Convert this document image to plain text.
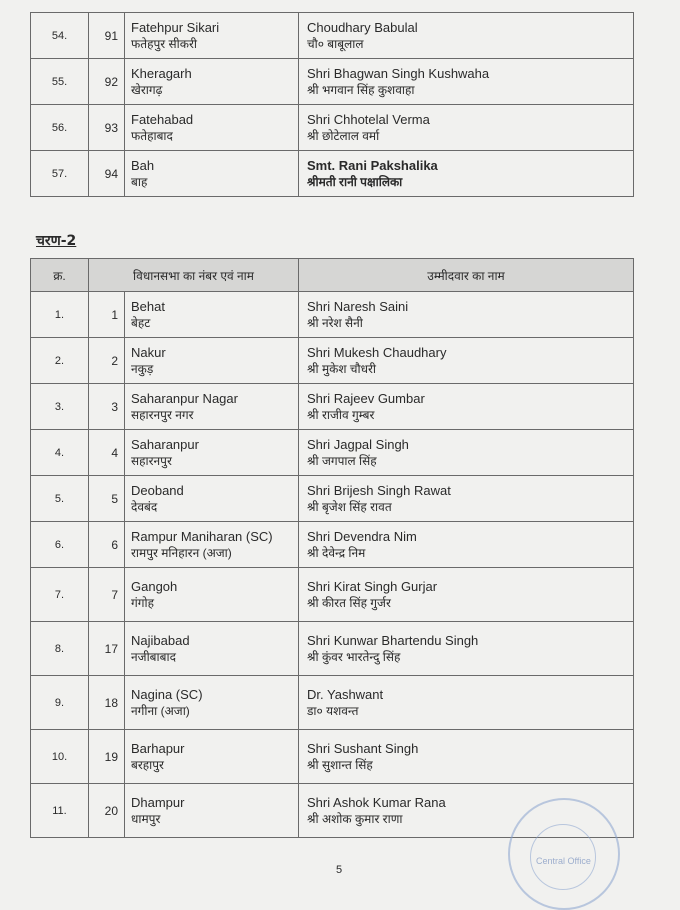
54.	91	Fatehpur Sikari
फतेहपुर सीकरी	Choudhary Babulal
चौ० बाबूलाल

55.	92	Kheragarh
खेरागढ़	Shri Bhagwan Singh Kushwaha
श्री भगवान सिंह कुशवाहा

56.	93	Fatehabad
फतेहाबाद	Shri Chhotelal Verma
श्री छोटेलाल वर्मा

57.	94	Bah
बाह	Smt. Rani Pakshalika
श्रीमती रानी पक्षालिका
चरण-2
क्र.	विधानसभा का नंबर एवं नाम		उम्मीदवार का नाम
1.	1	Behat
बेहट	Shri Naresh Saini
श्री नरेश सैनी

2.	2	Nakur
नकुड़	Shri Mukesh Chaudhary
श्री मुकेश चौधरी

3.	3	Saharanpur Nagar
सहारनपुर नगर	Shri Rajeev Gumbar
श्री राजीव गुम्बर

4.	4	Saharanpur
सहारनपुर	Shri Jagpal Singh
श्री जगपाल सिंह

5.	5	Deoband
देवबंद	Shri Brijesh Singh Rawat
श्री बृजेश सिंह रावत

6.	6	Rampur Maniharan (SC)
रामपुर मनिहारन (अजा)	Shri Devendra Nim
श्री देवेन्द्र निम

7.	7	Gangoh
गंगोह	Shri Kirat Singh Gurjar
श्री कीरत सिंह गुर्जर

8.	17	Najibabad
नजीबाबाद	Shri Kunwar Bhartendu Singh
श्री कुंवर भारतेन्दु सिंह

9.	18	Nagina (SC)
नगीना (अजा)	Dr. Yashwant
डा० यशवन्त

10.	19	Barhapur
बरहापुर	Shri Sushant Singh
श्री सुशान्त सिंह

11.	20	Dhampur
धामपुर	Shri Ashok Kumar Rana
श्री अशोक कुमार राणा
5
Central Office
